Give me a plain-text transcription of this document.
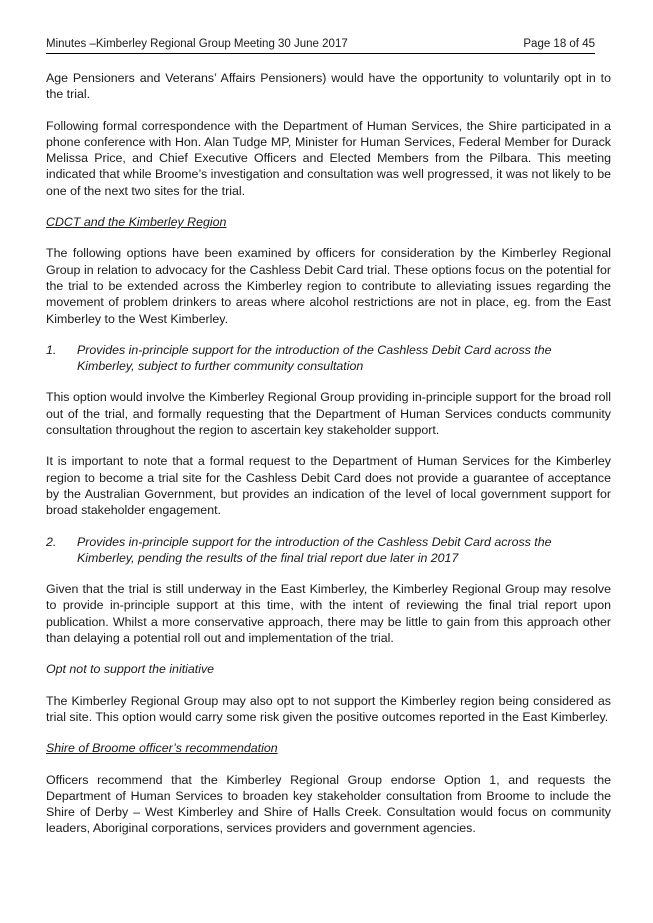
Minutes –Kimberley Regional Group Meeting 30 June 2017	Page 18 of 45

Age Pensioners and Veterans’ Affairs Pensioners) would have the opportunity to voluntarily opt in to the trial.

Following formal correspondence with the Department of Human Services, the Shire participated in a phone conference with Hon. Alan Tudge MP, Minister for Human Services, Federal Member for Durack Melissa Price, and Chief Executive Officers and Elected Members from the Pilbara. This meeting indicated that while Broome’s investigation and consultation was well progressed, it was not likely to be one of the next two sites for the trial.

CDCT and the Kimberley Region

The following options have been examined by officers for consideration by the Kimberley Regional Group in relation to advocacy for the Cashless Debit Card trial. These options focus on the potential for the trial to be extended across the Kimberley region to contribute to alleviating issues regarding the movement of problem drinkers to areas where alcohol restrictions are not in place, eg. from the East Kimberley to the West Kimberley.

1.	Provides in-principle support for the introduction of the Cashless Debit Card across the Kimberley, subject to further community consultation

This option would involve the Kimberley Regional Group providing in-principle support for the broad roll out of the trial, and formally requesting that the Department of Human Services conducts community consultation throughout the region to ascertain key stakeholder support.

It is important to note that a formal request to the Department of Human Services for the Kimberley region to become a trial site for the Cashless Debit Card does not provide a guarantee of acceptance by the Australian Government, but provides an indication of the level of local government support for broad stakeholder engagement.

2.	Provides in-principle support for the introduction of the Cashless Debit Card across the Kimberley, pending the results of the final trial report due later in 2017

Given that the trial is still underway in the East Kimberley, the Kimberley Regional Group may resolve to provide in-principle support at this time, with the intent of reviewing the final trial report upon publication. Whilst a more conservative approach, there may be little to gain from this approach other than delaying a potential roll out and implementation of the trial.

Opt not to support the initiative

The Kimberley Regional Group may also opt to not support the Kimberley region being considered as trial site. This option would carry some risk given the positive outcomes reported in the East Kimberley.

Shire of Broome officer’s recommendation

Officers recommend that the Kimberley Regional Group endorse Option 1, and requests the Department of Human Services to broaden key stakeholder consultation from Broome to include the Shire of Derby – West Kimberley and Shire of Halls Creek. Consultation would focus on community leaders, Aboriginal corporations, services providers and government agencies.
